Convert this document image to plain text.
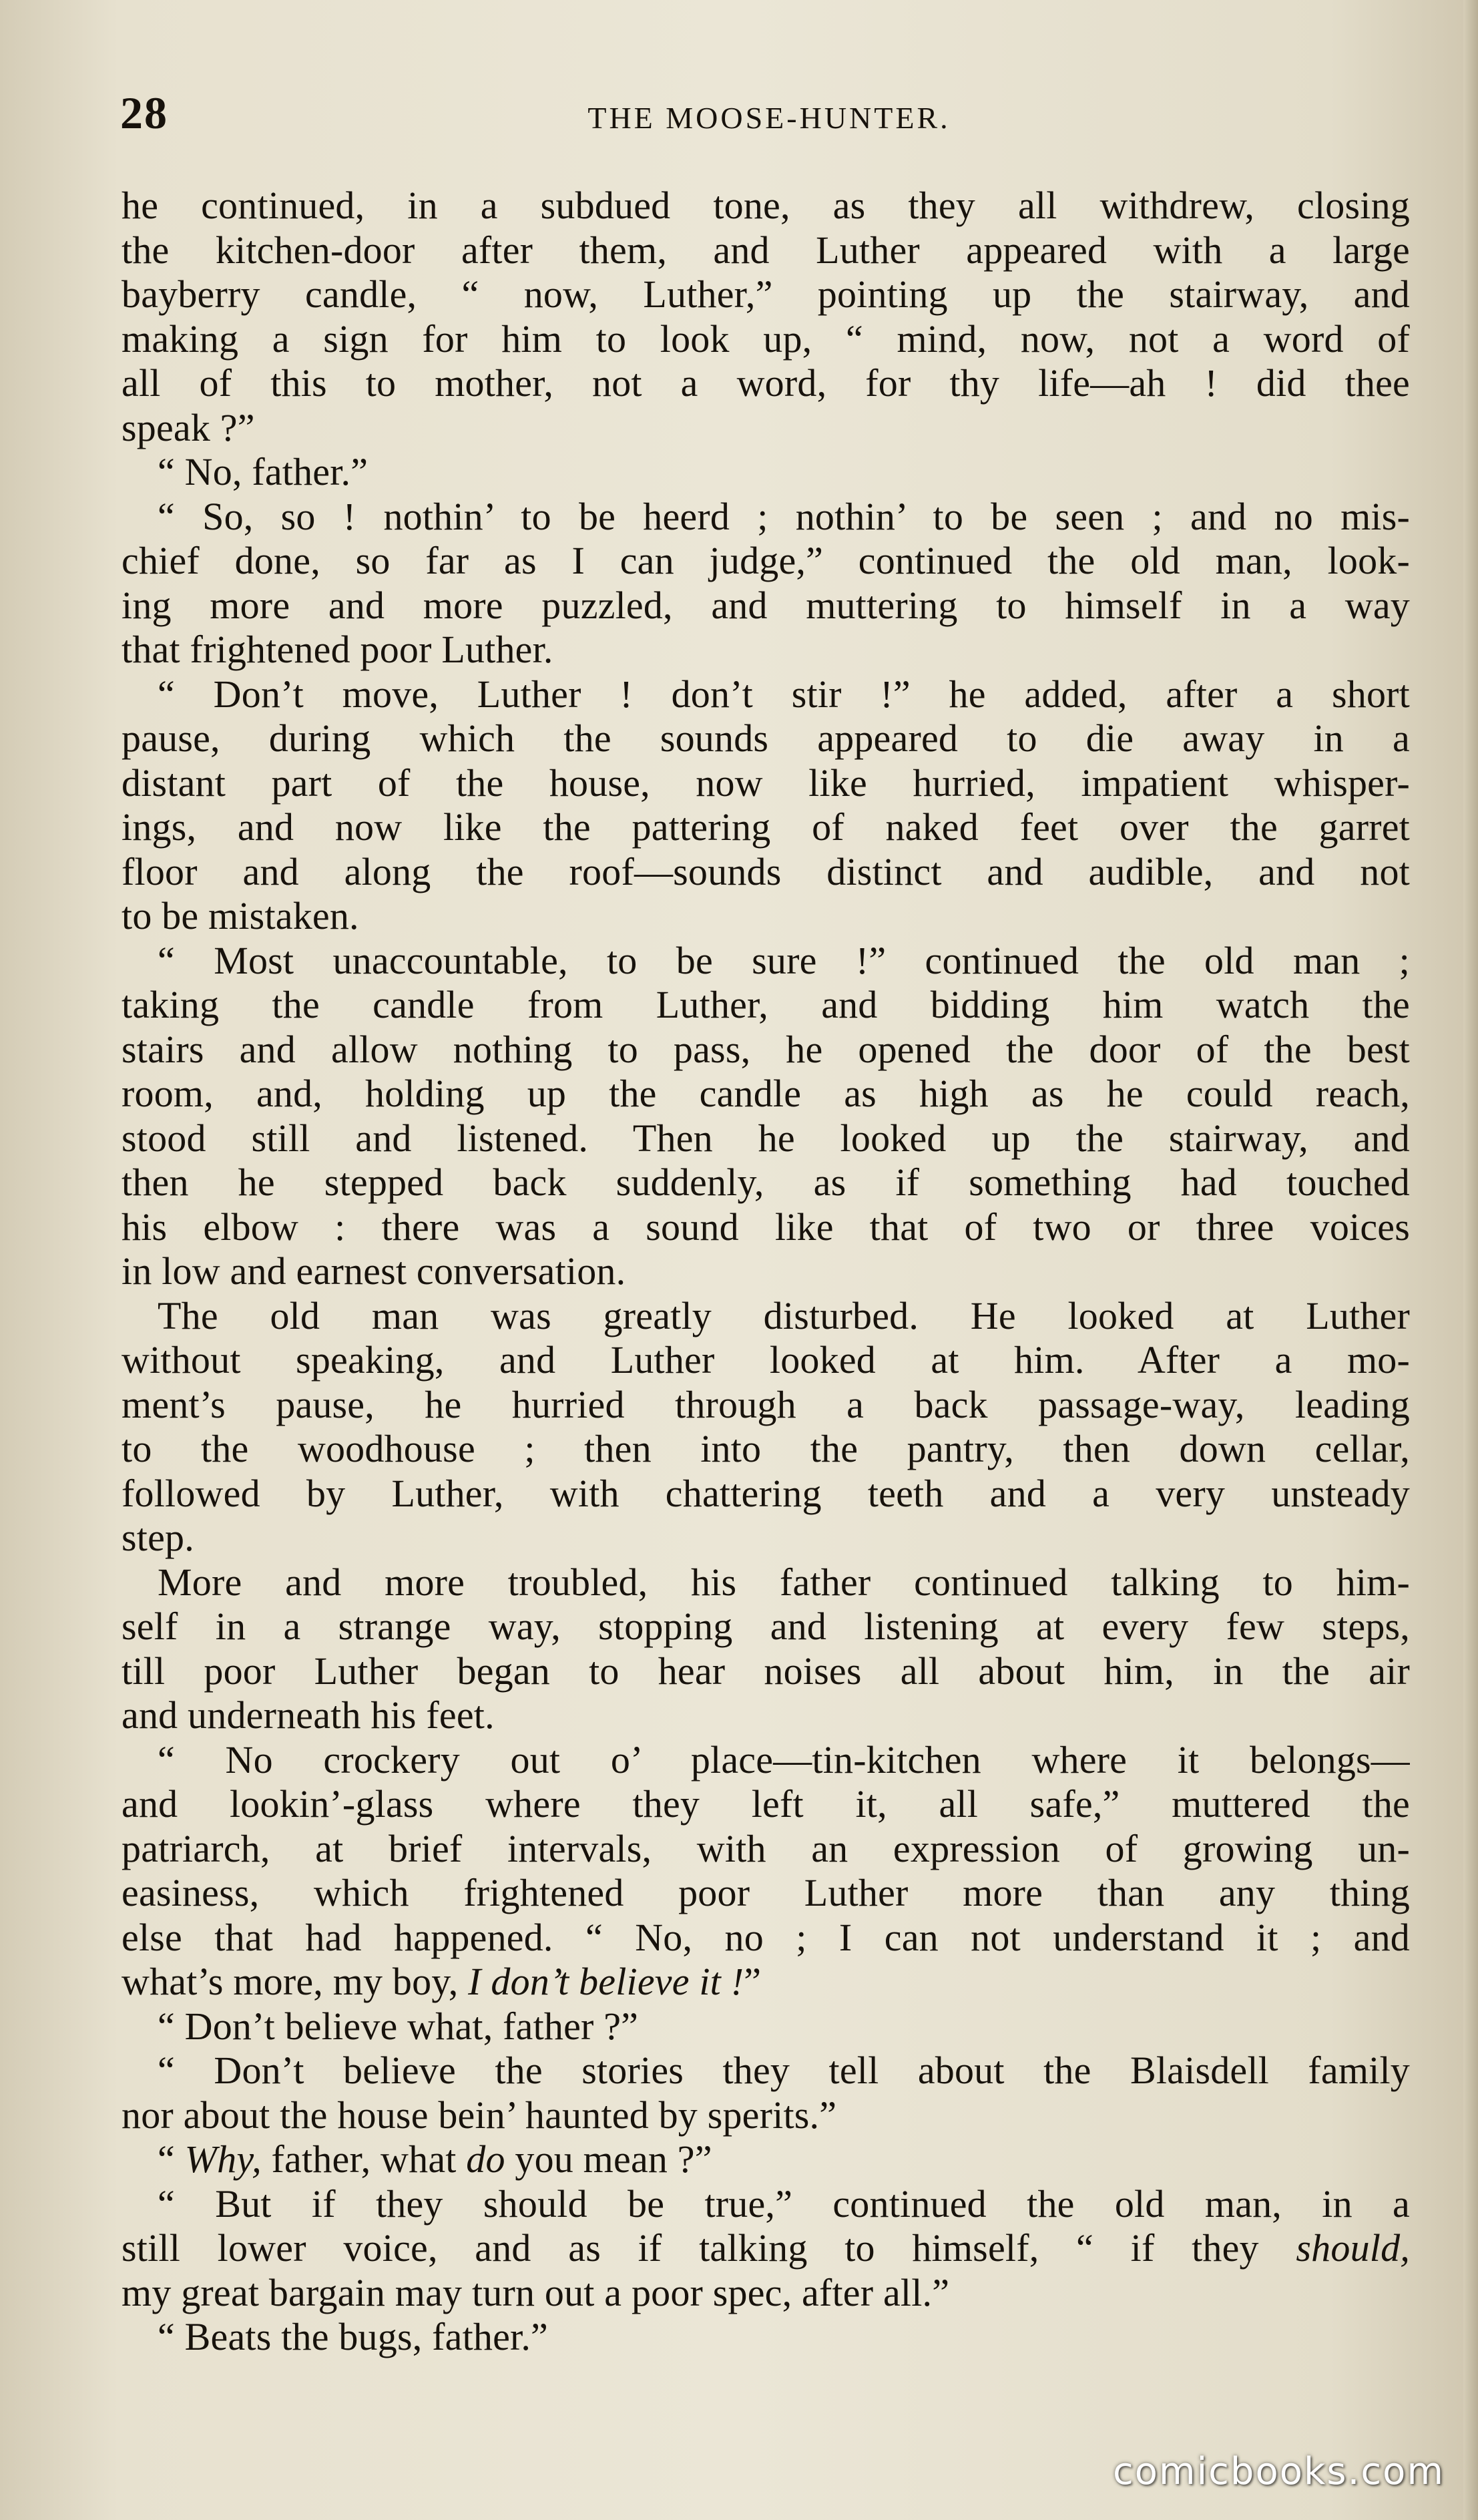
28	THE MOOSE-HUNTER.
he continued, in a subdued tone, as they all withdrew, closing
the kitchen-door after them, and Luther appeared with a large
bayberry candle, “ now, Luther,” pointing up the stairway, and
making a sign for him to look up, “ mind, now, not a word of
all of this to mother, not a word, for thy life—ah ! did thee
speak ?”
“ No, father.”
“ So, so ! nothin’ to be heerd ; nothin’ to be seen ; and no mis-
chief done, so far as I can judge,” continued the old man, look-
ing more and more puzzled, and muttering to himself in a way
that frightened poor Luther.
“ Don’t move, Luther ! don’t stir !” he added, after a short
pause, during which the sounds appeared to die away in a
distant part of the house, now like hurried, impatient whisper-
ings, and now like the pattering of naked feet over the garret
floor and along the roof—sounds distinct and audible, and not
to be mistaken.
“ Most unaccountable, to be sure !” continued the old man ;
taking the candle from Luther, and bidding him watch the
stairs and allow nothing to pass, he opened the door of the best
room, and, holding up the candle as high as he could reach,
stood still and listened. Then he looked up the stairway, and
then he stepped back suddenly, as if something had touched
his elbow : there was a sound like that of two or three voices
in low and earnest conversation.
The old man was greatly disturbed. He looked at Luther
without speaking, and Luther looked at him. After a mo-
ment’s pause, he hurried through a back passage-way, leading
to the woodhouse ; then into the pantry, then down cellar,
followed by Luther, with chattering teeth and a very unsteady
step.
More and more troubled, his father continued talking to him-
self in a strange way, stopping and listening at every few steps,
till poor Luther began to hear noises all about him, in the air
and underneath his feet.
“ No crockery out o’ place—tin-kitchen where it belongs—
and lookin’-glass where they left it, all safe,” muttered the
patriarch, at brief intervals, with an expression of growing un-
easiness, which frightened poor Luther more than any thing
else that had happened. “ No, no ; I can not understand it ; and
what’s more, my boy, I don’t believe it !”
“ Don’t believe what, father ?”
“ Don’t believe the stories they tell about the Blaisdell family
nor about the house bein’ haunted by sperits.”
“ Why, father, what do you mean ?”
“ But if they should be true,” continued the old man, in a
still lower voice, and as if talking to himself, “ if they should,
my great bargain may turn out a poor spec, after all.”
“ Beats the bugs, father.”
comicbooks.com
